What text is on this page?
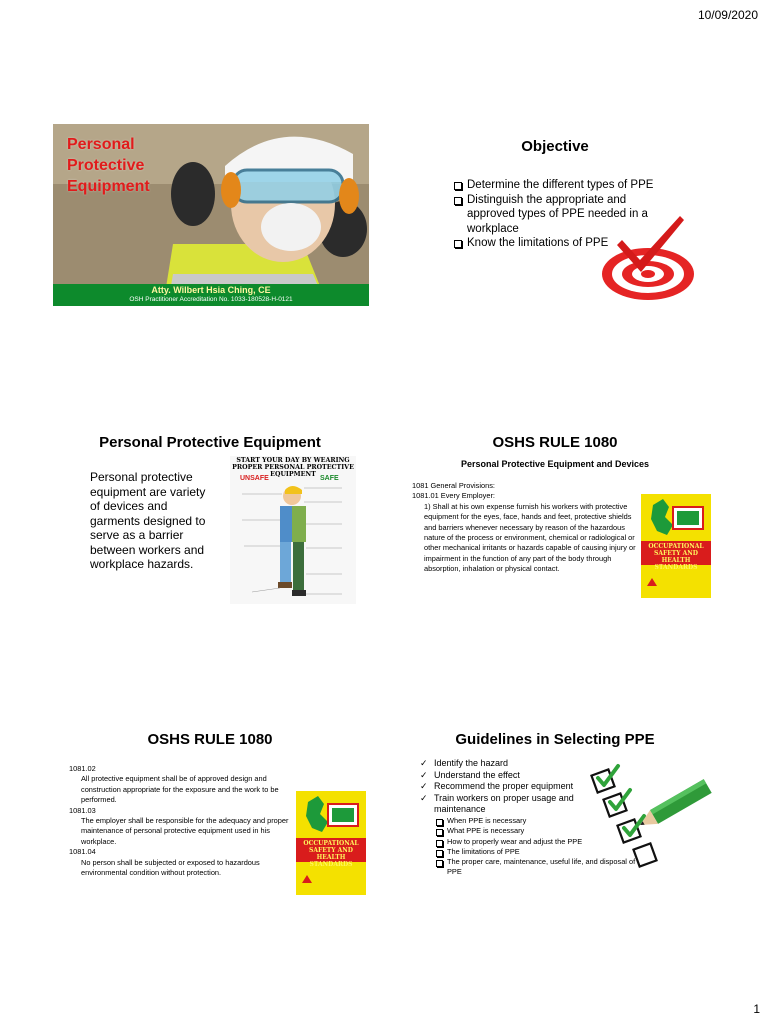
10/09/2020
1
Personal
Protective
Equipment
Atty. Wilbert Hsia Ching, CE
OSH Practitioner Accreditation No. 1033-180528-H-0121
Objective
Determine the different types of PPE
Distinguish the appropriate and approved types of PPE needed in a workplace
Know the limitations of PPE
Personal Protective Equipment
Personal protective equipment are variety of devices and garments designed to serve as a barrier between workers and workplace hazards.
START YOUR DAY BY WEARING PROPER PERSONAL PROTECTIVE EQUIPMENT
UNSAFE	SAFE
OSHS RULE 1080
Personal Protective Equipment and Devices
1081 General Provisions:
1081.01 Every Employer:
1) Shall at his own expense furnish his workers with protective equipment for the eyes, face, hands and feet, protective shields and barriers whenever necessary by reason of the hazardous nature of the process or environment, chemical or radiological or other mechanical irritants or hazards capable of causing injury or impairment in the function of any part of the body through absorption, inhalation or physical contact.
OCCUPATIONAL SAFETY AND HEALTH STANDARDS
OSHS RULE 1080
1081.02
All protective equipment shall be of approved design and construction appropriate for the exposure and the work to be performed.
1081.03
The employer shall be responsible for the adequacy and proper maintenance of personal protective equipment used in his workplace.
1081.04
No person shall be subjected or exposed to hazardous environmental condition without protection.
OCCUPATIONAL SAFETY AND HEALTH STANDARDS
Guidelines in Selecting PPE
✓ Identify the hazard
✓ Understand the effect
✓ Recommend the proper equipment
✓ Train workers on proper usage and maintenance
When PPE is necessary
What PPE is necessary
How to properly wear and adjust the PPE
The limitations of PPE
The proper care, maintenance, useful life, and disposal of PPE
